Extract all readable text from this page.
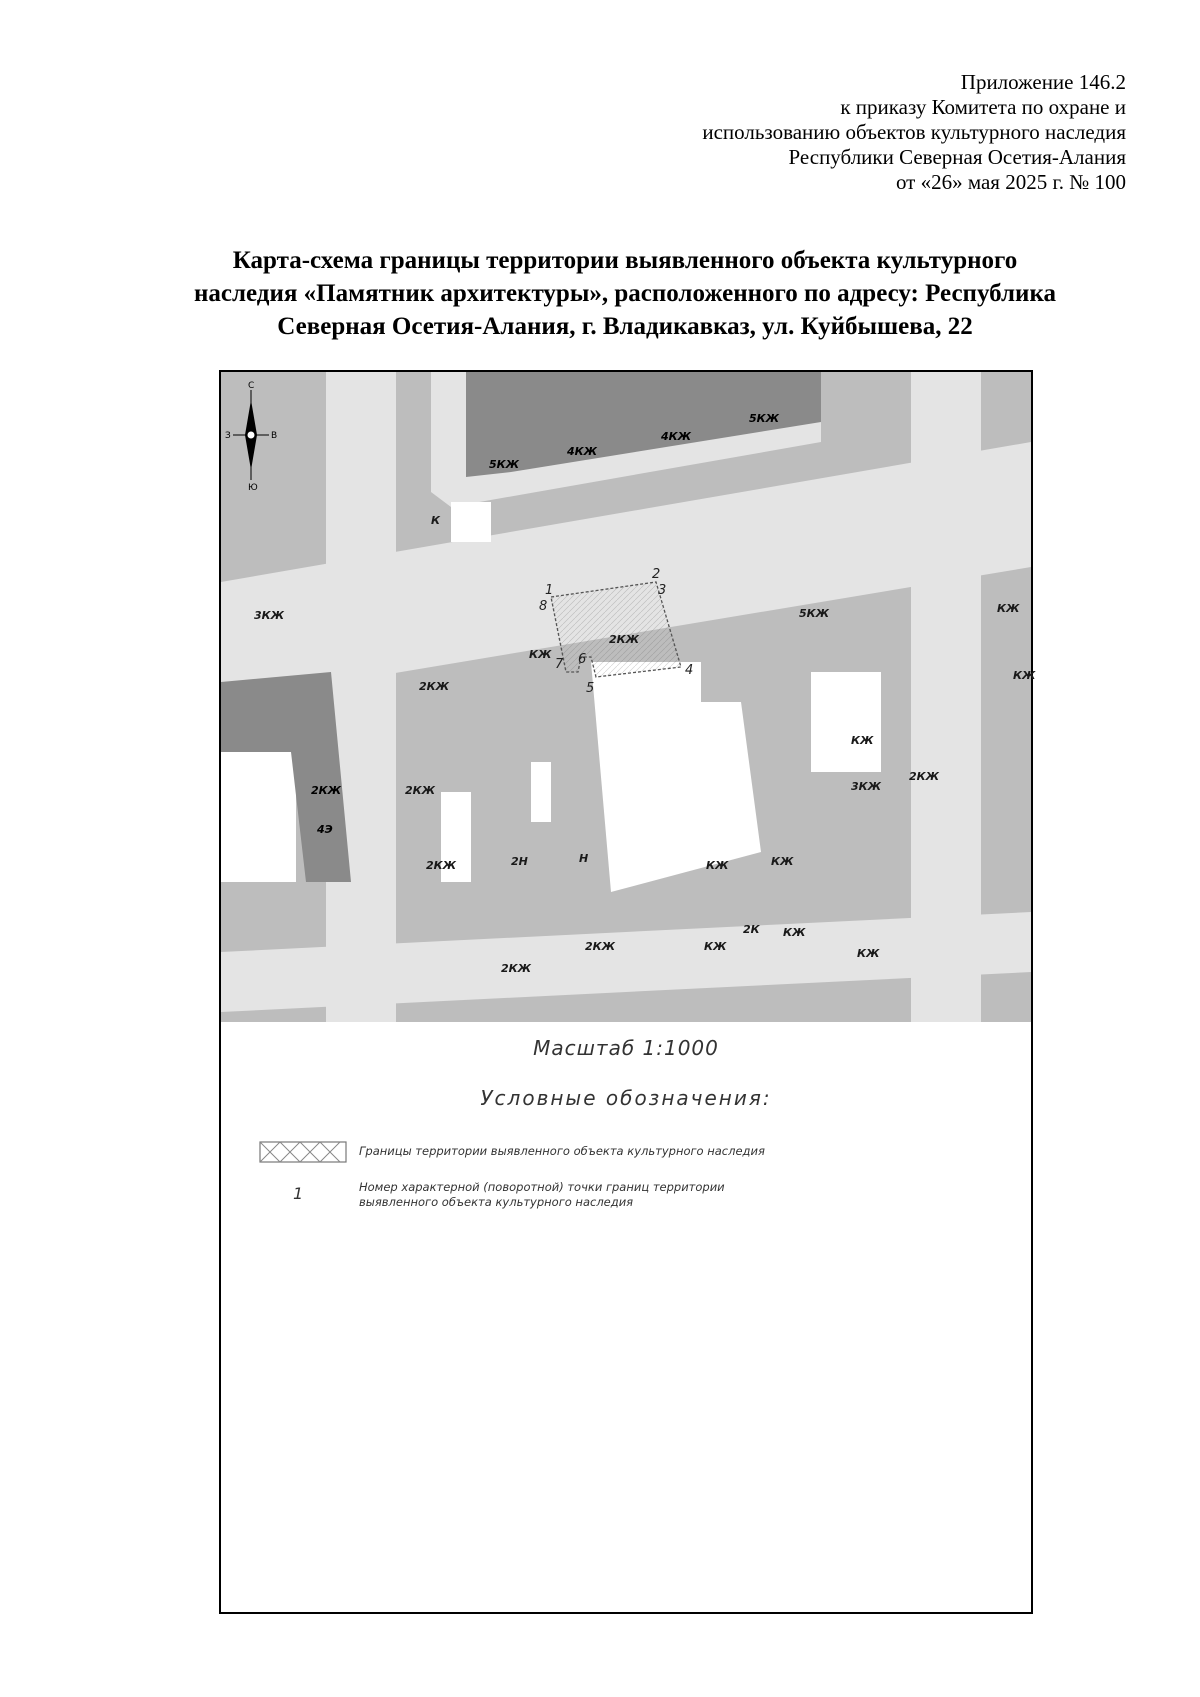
Приложение 146.2
к приказу Комитета по охране и
использованию объектов культурного наследия
Республики Северная Осетия-Алания
от «26» мая 2025 г. № 100
Карта-схема границы территории выявленного объекта культурного
наследия «Памятник архитектуры», расположенного по адресу: Республика
Северная Осетия-Алания, г. Владикавказ, ул. Куйбышева, 22
С
Ю
З	В
5КЖ
4КЖ
4КЖ
5КЖ
К
3КЖ
КЖ
2КЖ
КЖ
5КЖ
2КЖ
КЖ
2КЖ	2КЖ
4Э
2КЖ	2Н	Н
2КЖ
КЖ
3КЖ
КЖ	КЖ
2КЖ	КЖ
2К КЖ
КЖ
2КЖ
1
2
3
4
5
6
7
8
Масштаб 1:1000
Условные обозначения:
Границы территории выявленного объекта культурного наследия
1	Номер характерной (поворотной) точки границ территории
выявленного объекта культурного наследия
